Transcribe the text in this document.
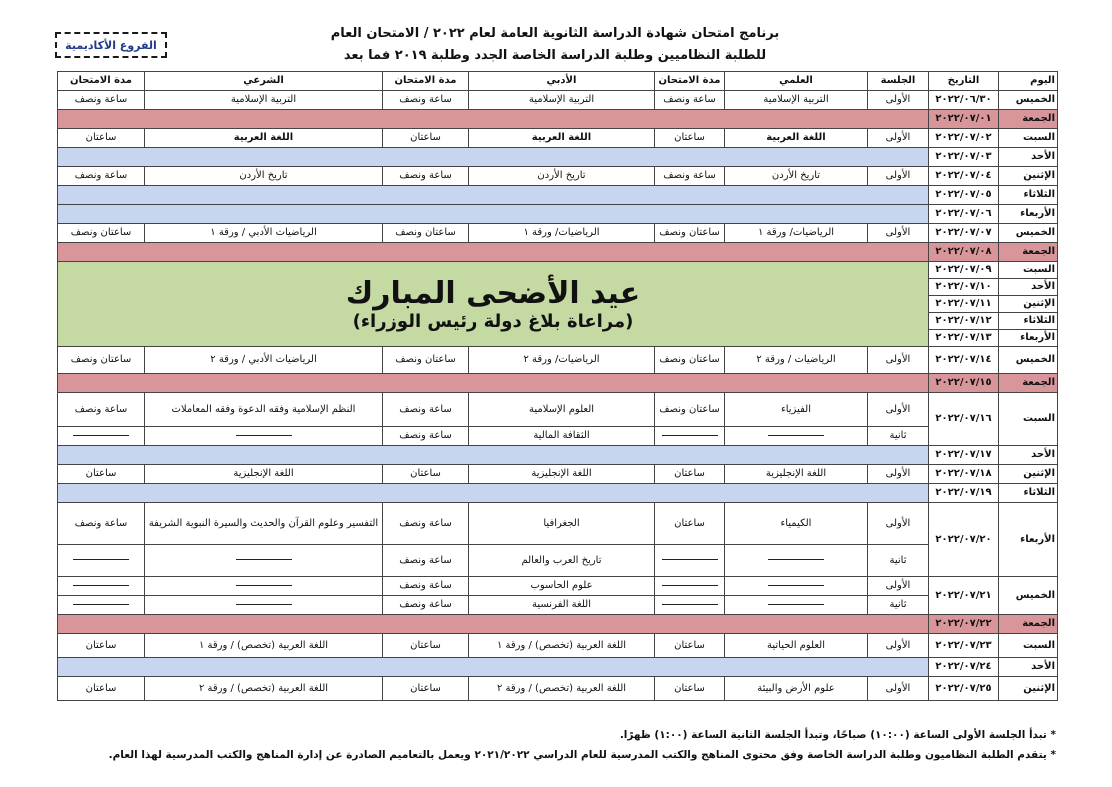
الفروع الأكاديمية
برنامج امتحان شهادة الدراسة الثانوية العامة لعام ٢٠٢٢ / الامتحان العام
للطلبة النظاميين وطلبة الدراسة الخاصة الجدد وطلبة ٢٠١٩ فما بعد
اليوم	التاريخ	الجلسة	العلمي	مدة الامتحان	الأدبي	مدة الامتحان	الشرعي	مدة الامتحان
الخميس	٢٠٢٢/٠٦/٣٠	الأولى	التربية الإسلامية	ساعة ونصف	التربية الإسلامية	ساعة ونصف	التربية الإسلامية	ساعة ونصف
الجمعة	٢٠٢٢/٠٧/٠١							
السبت	٢٠٢٢/٠٧/٠٢	الأولى	اللغة العربية	ساعتان	اللغة العربية	ساعتان	اللغة العربية	ساعتان
الأحد	٢٠٢٢/٠٧/٠٣							
الإثنين	٢٠٢٢/٠٧/٠٤	الأولى	تاريخ الأردن	ساعة ونصف	تاريخ الأردن	ساعة ونصف	تاريخ الأردن	ساعة ونصف
الثلاثاء	٢٠٢٢/٠٧/٠٥							
الأربعاء	٢٠٢٢/٠٧/٠٦							
الخميس	٢٠٢٢/٠٧/٠٧	الأولى	الرياضيات/ ورقة ١	ساعتان ونصف	الرياضيات/ ورقة ١	ساعتان ونصف	الرياضيات الأدبي / ورقة ١	ساعتان ونصف
الجمعة	٢٠٢٢/٠٧/٠٨							
السبت	٢٠٢٢/٠٧/٠٩	عيد الأضحى المبارك
(مراعاة بلاغ دولة رئيس الوزراء)						

الأحد	٢٠٢٢/٠٧/١٠							
الإثنين	٢٠٢٢/٠٧/١١							
الثلاثاء	٢٠٢٢/٠٧/١٢							
الأربعاء	٢٠٢٢/٠٧/١٣							
الخميس	٢٠٢٢/٠٧/١٤	الأولى	الرياضيات / ورقة ٢	ساعتان ونصف	الرياضيات/ ورقة ٢	ساعتان ونصف	الرياضيات الأدبي / ورقة ٢	ساعتان ونصف
الجمعة	٢٠٢٢/٠٧/١٥							
السبت	٢٠٢٢/٠٧/١٦	الأولى	الفيزياء	ساعتان ونصف	العلوم الإسلامية	ساعة ونصف	النظم الإسلامية وفقه الدعوة وفقه المعاملات	ساعة ونصف
		ثانية			الثقافة المالية	ساعة ونصف		
الأحد	٢٠٢٢/٠٧/١٧							
الإثنين	٢٠٢٢/٠٧/١٨	الأولى	اللغة الإنجليزية	ساعتان	اللغة الإنجليزية	ساعتان	اللغة الإنجليزية	ساعتان
الثلاثاء	٢٠٢٢/٠٧/١٩							
الأربعاء	٢٠٢٢/٠٧/٢٠	الأولى	الكيمياء	ساعتان	الجغرافيا	ساعة ونصف	التفسير وعلوم القرآن والحديث والسيرة النبوية الشريفة	ساعة ونصف
		ثانية			تاريخ العرب والعالم	ساعة ونصف		
الخميس	٢٠٢٢/٠٧/٢١	الأولى			علوم الحاسوب	ساعة ونصف		
		ثانية			اللغة الفرنسية	ساعة ونصف		
الجمعة	٢٠٢٢/٠٧/٢٢							
السبت	٢٠٢٢/٠٧/٢٣	الأولى	العلوم الحياتية	ساعتان	اللغة العربية (تخصص) / ورقة ١	ساعتان	اللغة العربية (تخصص) / ورقة ١	ساعتان
الأحد	٢٠٢٢/٠٧/٢٤							
الإثنين	٢٠٢٢/٠٧/٢٥	الأولى	علوم الأرض والبيئة	ساعتان	اللغة العربية (تخصص) / ورقة ٢	ساعتان	اللغة العربية (تخصص) / ورقة ٢	ساعتان
* تبدأ الجلسة الأولى الساعة (١٠:٠٠) صباحًا، وتبدأ الجلسة الثانية الساعة (١:٠٠) ظهرًا.
* يتقدم الطلبة النظاميون وطلبة الدراسة الخاصة وفق محتوى المناهج والكتب المدرسية للعام الدراسي ٢٠٢١/٢٠٢٢ ويعمل بالتعاميم الصادرة عن إدارة المناهج والكتب المدرسية لهذا العام.
